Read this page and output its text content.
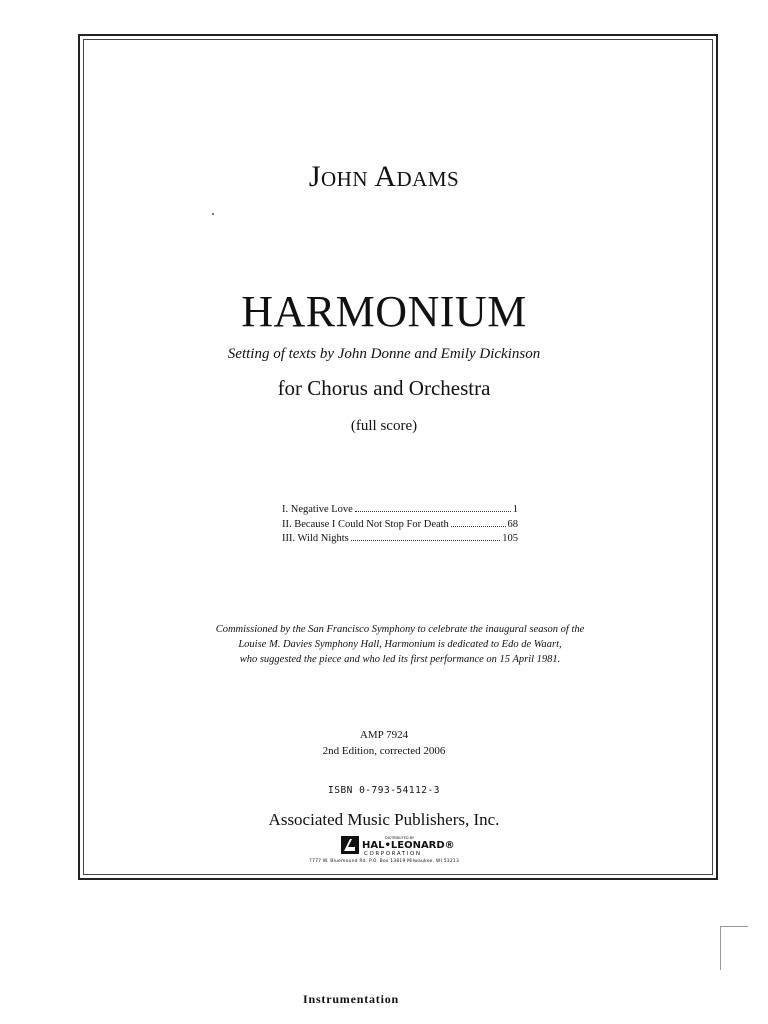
John Adams
HARMONIUM
Setting of texts by John Donne and Emily Dickinson
for Chorus and Orchestra
(full score)
I. Negative Love	1
II. Because I Could Not Stop For Death	68
III. Wild Nights	105
Commissioned by the San Francisco Symphony to celebrate the inaugural season of the
Louise M. Davies Symphony Hall, Harmonium is dedicated to Edo de Waart,
who suggested the piece and who led its first performance on 15 April 1981.
AMP 7924
2nd Edition, corrected 2006
ISBN 0-793-54112-3
Associated Music Publishers, Inc.
DISTRIBUTED BY
HAL•LEONARD®
CORPORATION
7777 W. Bluemound Rd. P.O. Box 13819 Milwaukee, WI 53213
Instrumentation
